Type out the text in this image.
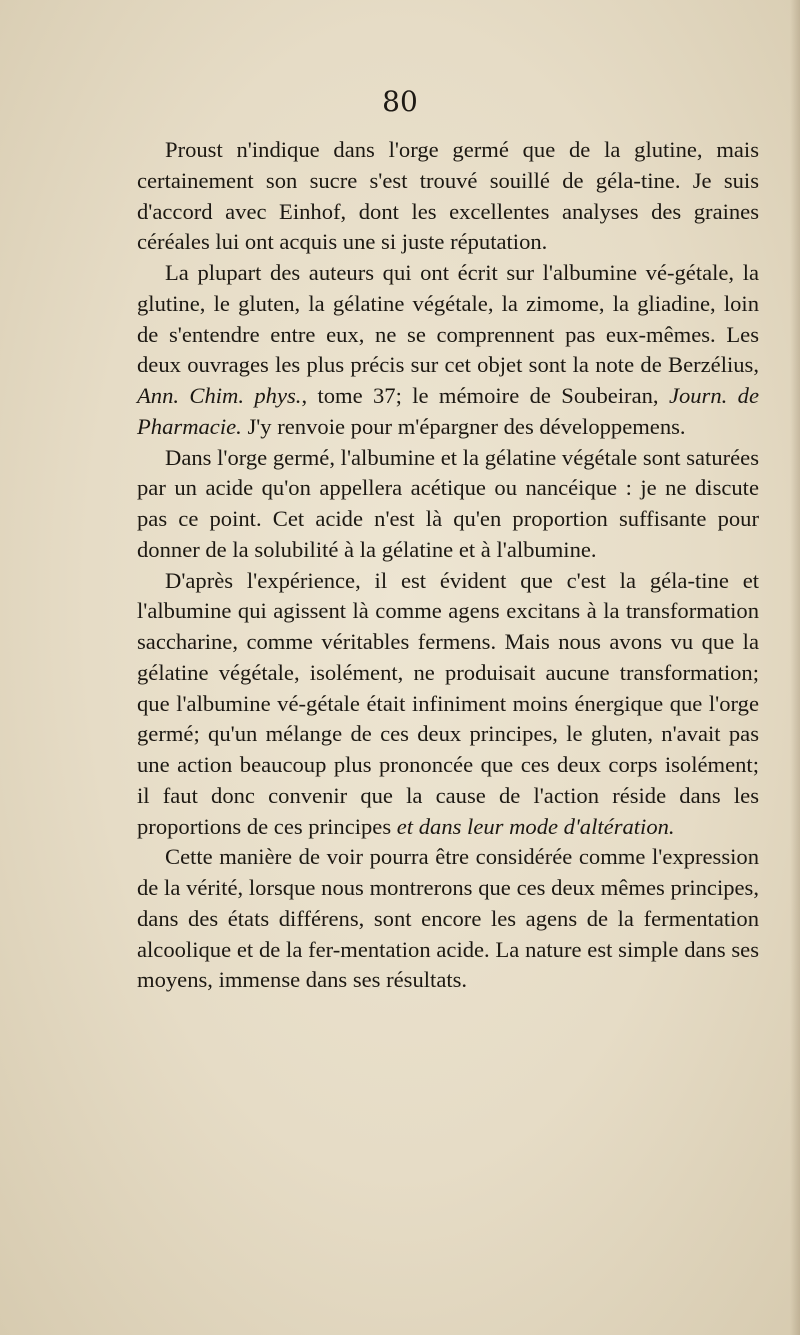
80

Proust n'indique dans l'orge germé que de la glutine, mais certainement son sucre s'est trouvé souillé de géla-tine. Je suis d'accord avec Einhof, dont les excellentes analyses des graines céréales lui ont acquis une si juste réputation.

La plupart des auteurs qui ont écrit sur l'albumine vé-gétale, la glutine, le gluten, la gélatine végétale, la zimome, la gliadine, loin de s'entendre entre eux, ne se comprennent pas eux-mêmes. Les deux ouvrages les plus précis sur cet objet sont la note de Berzélius, Ann. Chim. phys., tome 37; le mémoire de Soubeiran, Journ. de Pharmacie. J'y renvoie pour m'épargner des développemens.

Dans l'orge germé, l'albumine et la gélatine végétale sont saturées par un acide qu'on appellera acétique ou nancéique : je ne discute pas ce point. Cet acide n'est là qu'en proportion suffisante pour donner de la solubilité à la gélatine et à l'albumine.

D'après l'expérience, il est évident que c'est la géla-tine et l'albumine qui agissent là comme agens excitans à la transformation saccharine, comme véritables fermens. Mais nous avons vu que la gélatine végétale, isolément, ne produisait aucune transformation; que l'albumine vé-gétale était infiniment moins énergique que l'orge germé; qu'un mélange de ces deux principes, le gluten, n'avait pas une action beaucoup plus prononcée que ces deux corps isolément; il faut donc convenir que la cause de l'action réside dans les proportions de ces principes et dans leur mode d'altération.

Cette manière de voir pourra être considérée comme l'expression de la vérité, lorsque nous montrerons que ces deux mêmes principes, dans des états différens, sont encore les agens de la fermentation alcoolique et de la fer-mentation acide. La nature est simple dans ses moyens, immense dans ses résultats.
